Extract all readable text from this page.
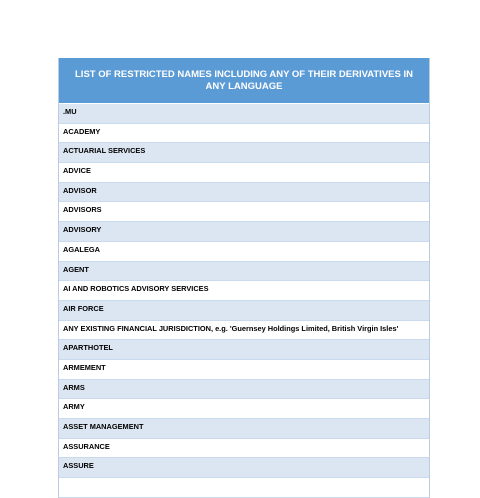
LIST OF RESTRICTED NAMES INCLUDING ANY OF THEIR DERIVATIVES IN ANY LANGUAGE
.MU
ACADEMY
ACTUARIAL SERVICES
ADVICE
ADVISOR
ADVISORS
ADVISORY
AGALEGA
AGENT
AI AND ROBOTICS ADVISORY SERVICES
AIR FORCE
ANY EXISTING FINANCIAL JURISDICTION, e.g. 'Guernsey Holdings Limited, British Virgin Isles'
APARTHOTEL
ARMEMENT
ARMS
ARMY
ASSET MANAGEMENT
ASSURANCE
ASSURE
